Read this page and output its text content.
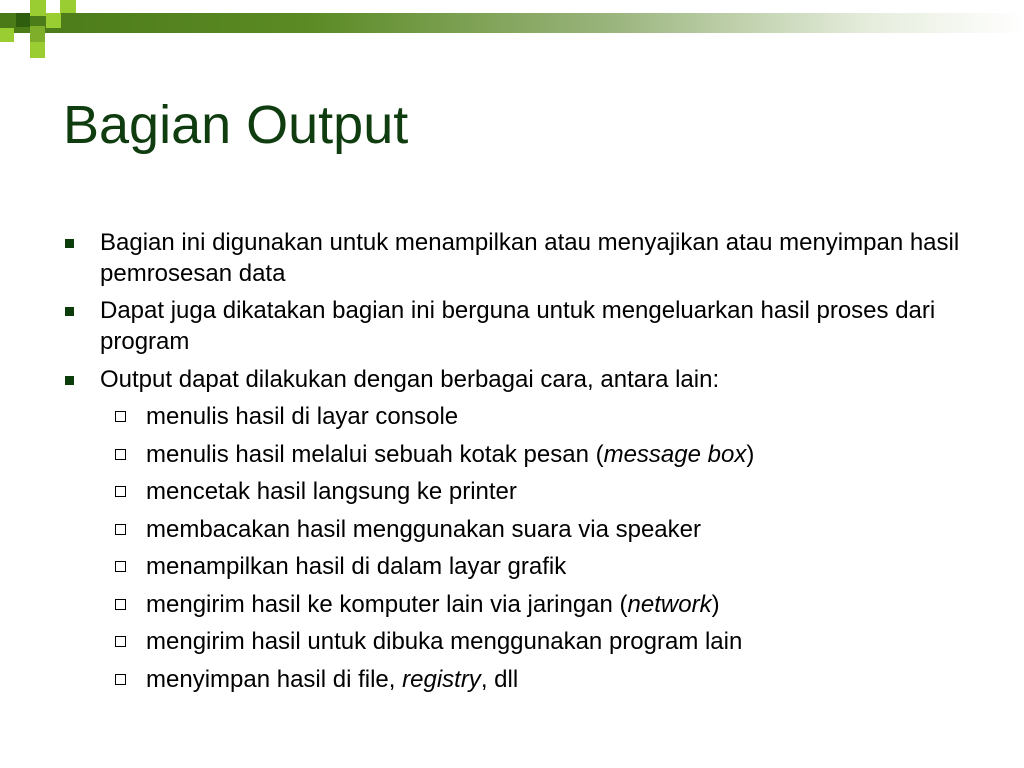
Bagian Output
Bagian ini digunakan untuk menampilkan atau menyajikan atau menyimpan hasil pemrosesan data
Dapat juga dikatakan bagian ini berguna untuk mengeluarkan hasil proses dari program
Output dapat dilakukan dengan berbagai cara, antara lain:
menulis hasil di layar console
menulis hasil melalui sebuah kotak pesan (message box)
mencetak hasil langsung ke printer
membacakan hasil menggunakan suara via speaker
menampilkan hasil di dalam layar grafik
mengirim hasil ke komputer lain via jaringan (network)
mengirim hasil untuk dibuka menggunakan program lain
menyimpan hasil di file, registry, dll
